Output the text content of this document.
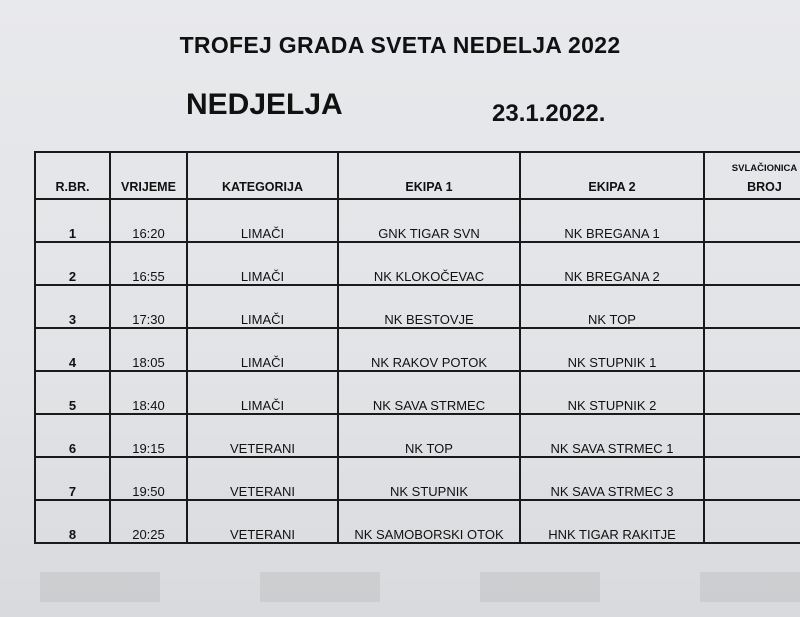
TROFEJ GRADA SVETA NEDELJA 2022
NEDJELJA	23.1.2022.
R.BR.	VRIJEME	KATEGORIJA	EKIPA 1	EKIPA 2	SVLAČIONICA
BROJ

1	16:20	LIMAČI	GNK TIGAR SVN	NK BREGANA 1	
2	16:55	LIMAČI	NK KLOKOČEVAC	NK BREGANA 2	
3	17:30	LIMAČI	NK BESTOVJE	NK TOP	
4	18:05	LIMAČI	NK RAKOV POTOK	NK STUPNIK 1	
5	18:40	LIMAČI	NK SAVA STRMEC	NK STUPNIK 2	
6	19:15	VETERANI	NK TOP	NK SAVA STRMEC 1	
7	19:50	VETERANI	NK STUPNIK	NK SAVA STRMEC 3	
8	20:25	VETERANI	NK SAMOBORSKI OTOK	HNK TIGAR RAKITJE	
